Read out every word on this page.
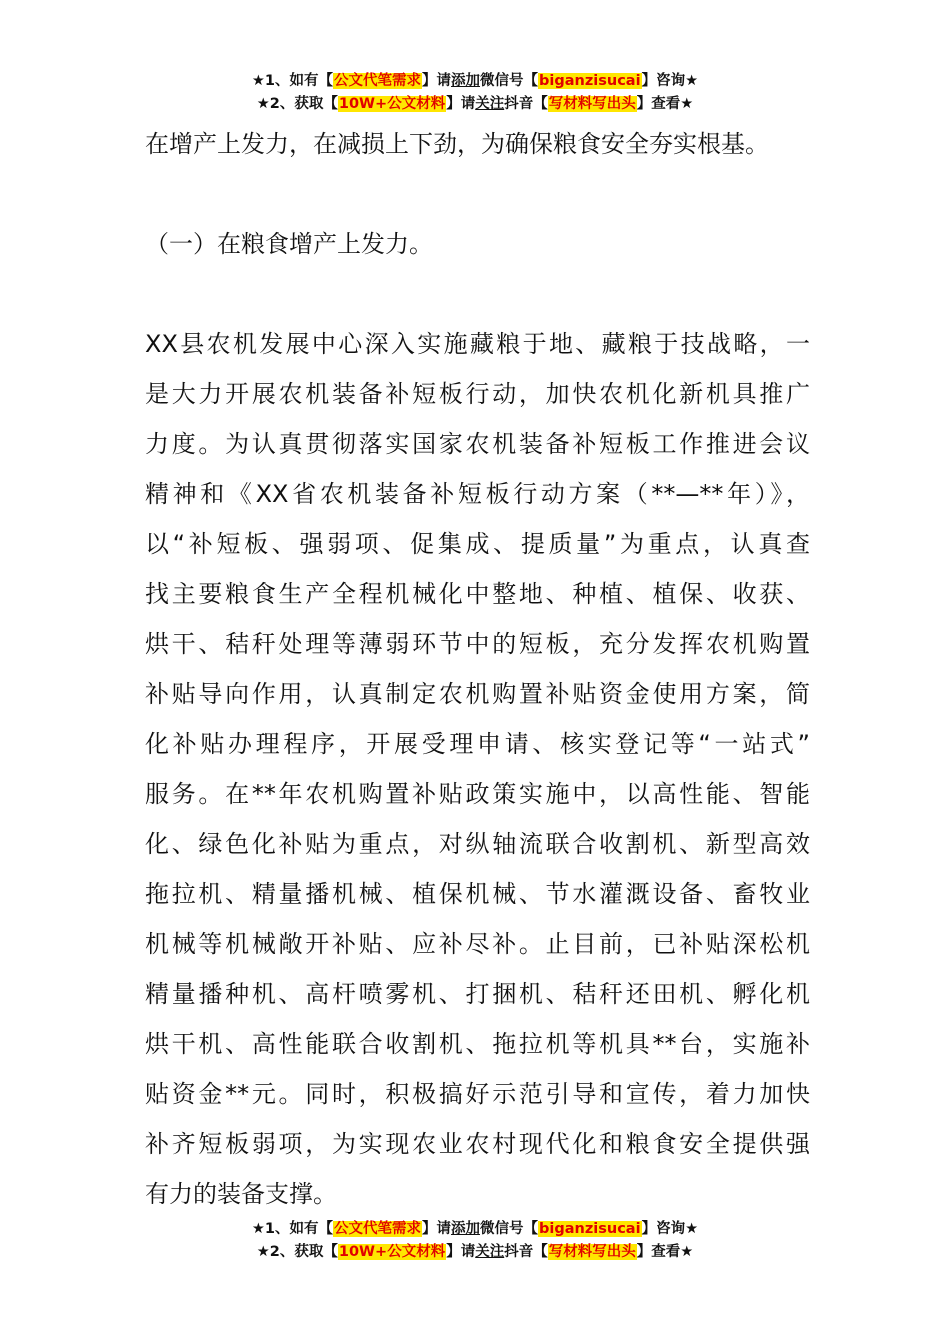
★1、如有【公文代笔需求】请添加微信号【biganzisucai】咨询★
★2、获取【10W+公文材料】请关注抖音【写材料写出头】查看★
在增产上发力，在减损上下劲，为确保粮食安全夯实根基。
（一）在粮食增产上发力。
XX县农机发展中心深入实施藏粮于地、藏粮于技战略，一
是大力开展农机装备补短板行动，加快农机化新机具推广
力度。为认真贯彻落实国家农机装备补短板工作推进会议
精神和《XX省农机装备补短板行动方案（**—**年）》，
以“补短板、强弱项、促集成、提质量”为重点，认真查
找主要粮食生产全程机械化中整地、种植、植保、收获、
烘干、秸秆处理等薄弱环节中的短板，充分发挥农机购置
补贴导向作用，认真制定农机购置补贴资金使用方案，简
化补贴办理程序，开展受理申请、核实登记等“一站式”
服务。在**年农机购置补贴政策实施中，以高性能、智能
化、绿色化补贴为重点，对纵轴流联合收割机、新型高效
拖拉机、精量播机械、植保机械、节水灌溉设备、畜牧业
机械等机械敞开补贴、应补尽补。止目前，已补贴深松机
精量播种机、高杆喷雾机、打捆机、秸秆还田机、孵化机
烘干机、高性能联合收割机、拖拉机等机具**台，实施补
贴资金**元。同时，积极搞好示范引导和宣传，着力加快
补齐短板弱项，为实现农业农村现代化和粮食安全提供强
有力的装备支撑。
★1、如有【公文代笔需求】请添加微信号【biganzisucai】咨询★
★2、获取【10W+公文材料】请关注抖音【写材料写出头】查看★
